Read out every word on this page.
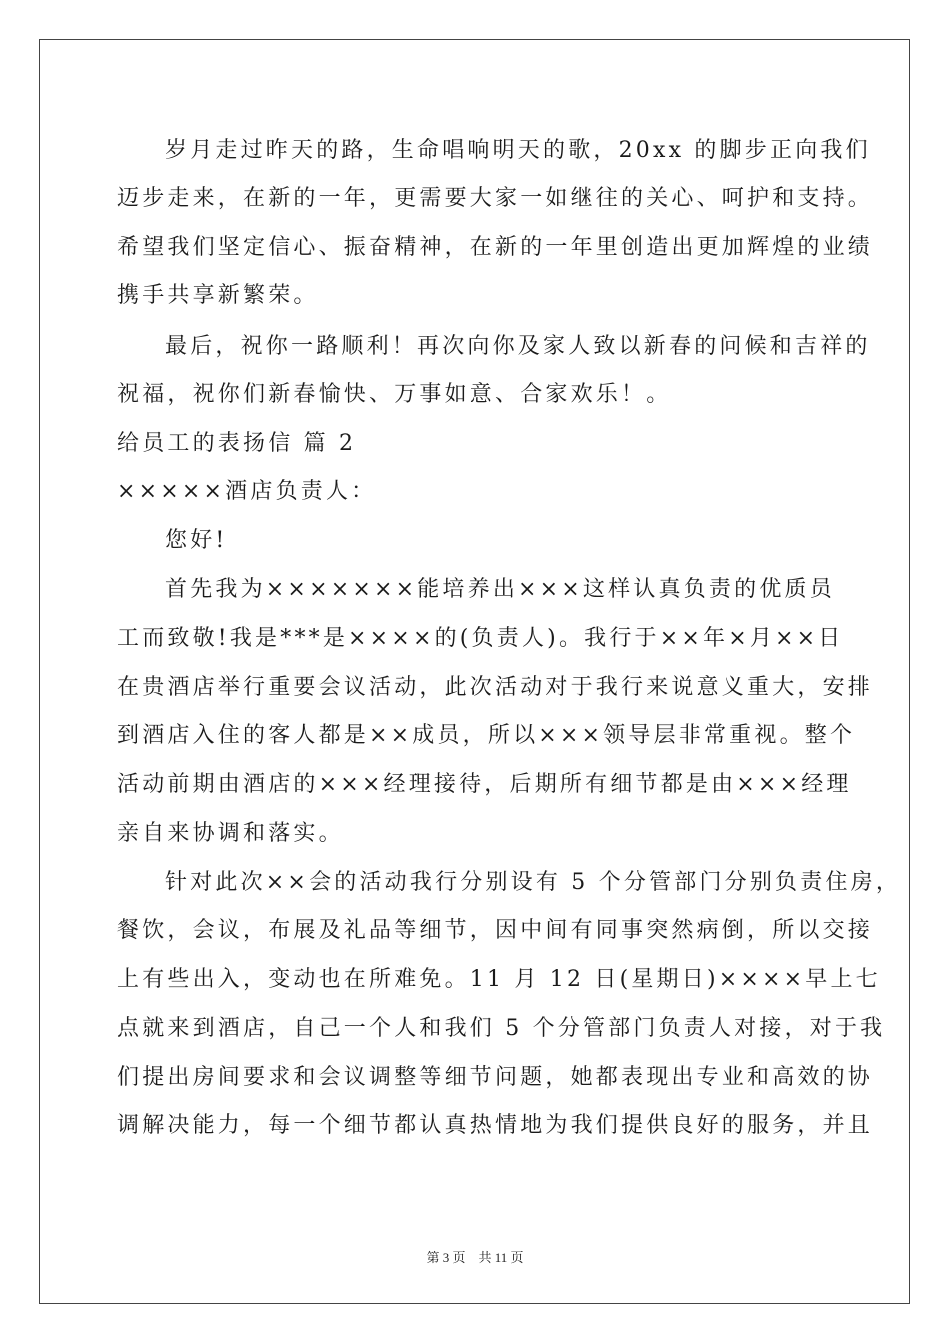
岁月走过昨天的路，生命唱响明天的歌，20xx 的脚步正向我们
迈步走来，在新的一年，更需要大家一如继往的关心、呵护和支持。
希望我们坚定信心、振奋精神，在新的一年里创造出更加辉煌的业绩
携手共享新繁荣。
最后，祝你一路顺利！再次向你及家人致以新春的问候和吉祥的
祝福，祝你们新春愉快、万事如意、合家欢乐！。
给员工的表扬信 篇 2
×××××酒店负责人：
您好!
首先我为×××××××能培养出×××这样认真负责的优质员
工而致敬!我是***是××××的(负责人)。我行于××年×月××日
在贵酒店举行重要会议活动，此次活动对于我行来说意义重大，安排
到酒店入住的客人都是××成员，所以×××领导层非常重视。整个
活动前期由酒店的×××经理接待，后期所有细节都是由×××经理
亲自来协调和落实。
针对此次××会的活动我行分别设有 5 个分管部门分别负责住房，
餐饮，会议，布展及礼品等细节，因中间有同事突然病倒，所以交接
上有些出入，变动也在所难免。11 月 12 日(星期日)××××早上七
点就来到酒店，自己一个人和我们 5 个分管部门负责人对接，对于我
们提出房间要求和会议调整等细节问题，她都表现出专业和高效的协
调解决能力，每一个细节都认真热情地为我们提供良好的服务，并且
第 3 页　共 11 页
